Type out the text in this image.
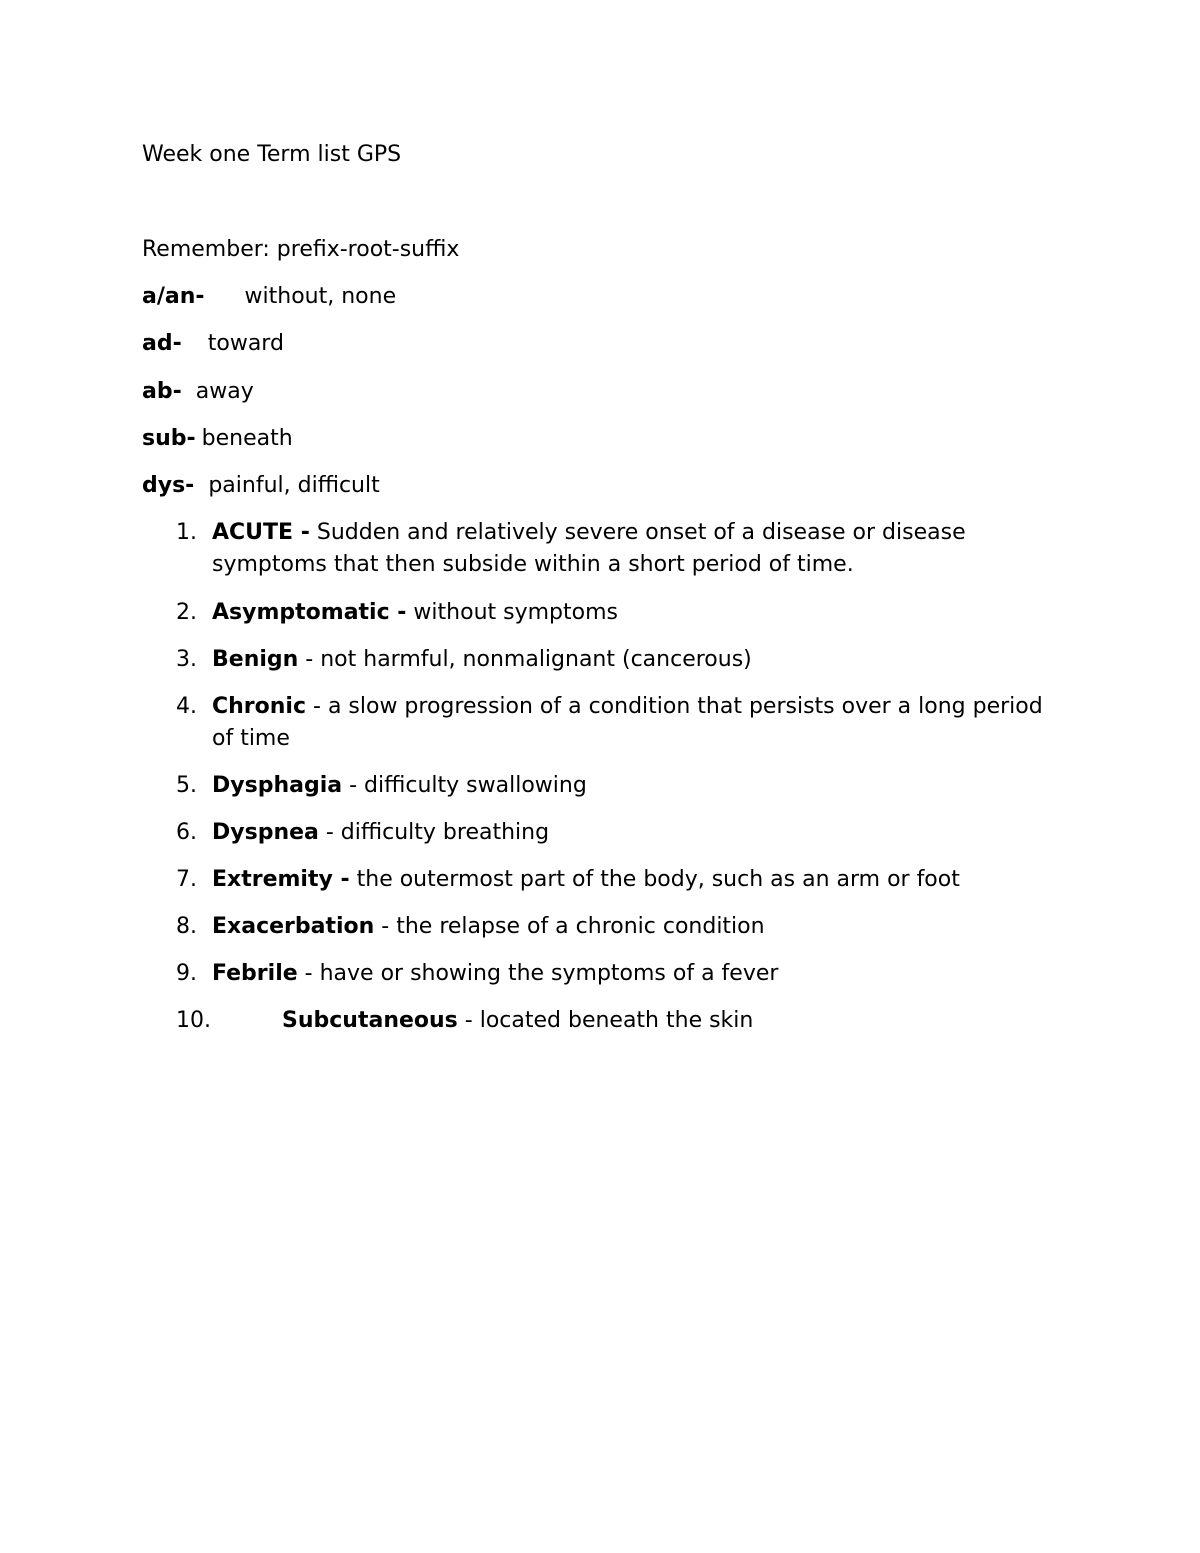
Week one Term list GPS
Remember: prefix-root-suffix
a/an- without, none
ad- toward
ab- away
sub- beneath
dys- painful, difficult
1. ACUTE - Sudden and relatively severe onset of a disease or disease symptoms that then subside within a short period of time.
2. Asymptomatic - without symptoms
3. Benign - not harmful, nonmalignant (cancerous)
4. Chronic - a slow progression of a condition that persists over a long period of time
5. Dysphagia - difficulty swallowing
6. Dyspnea - difficulty breathing
7. Extremity - the outermost part of the body, such as an arm or foot
8. Exacerbation - the relapse of a chronic condition
9. Febrile - have or showing the symptoms of a fever
10.	Subcutaneous - located beneath the skin
